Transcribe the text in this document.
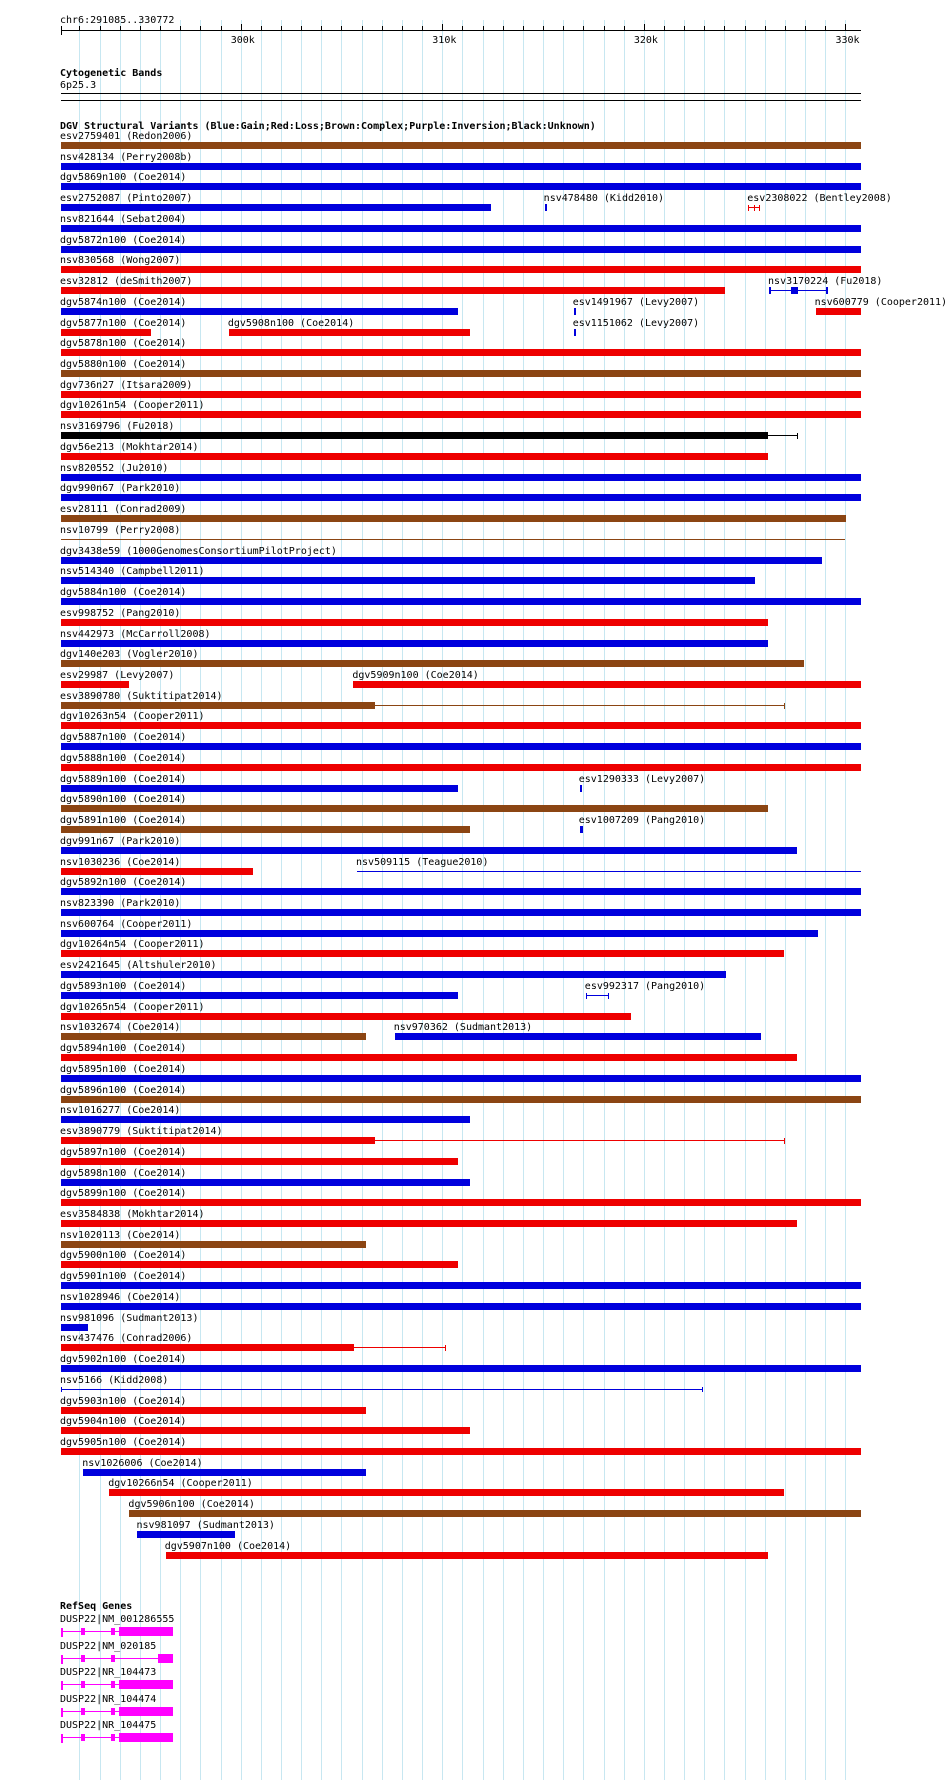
chr6:291085..330772
300k	310k	320k	330k
Cytogenetic Bands
6p25.3
DGV Structural Variants (Blue:Gain;Red:Loss;Brown:Complex;Purple:Inversion;Black:Unknown)
esv2759401 (Redon2006)
nsv428134 (Perry2008b)
dgv5869n100 (Coe2014)
esv2752087 (Pinto2007)	nsv478480 (Kidd2010)	esv2308022 (Bentley2008)
nsv821644 (Sebat2004)
dgv5872n100 (Coe2014)
nsv830568 (Wong2007)
esv32812 (deSmith2007)	nsv3170224 (Fu2018)
dgv5874n100 (Coe2014)	esv1491967 (Levy2007)	nsv600779 (Cooper2011)
dgv5877n100 (Coe2014)	dgv5908n100 (Coe2014)	esv1151062 (Levy2007)
dgv5878n100 (Coe2014)
dgv5880n100 (Coe2014)
dgv736n27 (Itsara2009)
dgv10261n54 (Cooper2011)
nsv3169796 (Fu2018)
dgv56e213 (Mokhtar2014)
nsv820552 (Ju2010)
dgv990n67 (Park2010)
esv28111 (Conrad2009)
nsv10799 (Perry2008)
dgv3438e59 (1000GenomesConsortiumPilotProject)
nsv514340 (Campbell2011)
dgv5884n100 (Coe2014)
esv998752 (Pang2010)
nsv442973 (McCarroll2008)
dgv140e203 (Vogler2010)
esv29987 (Levy2007)	dgv5909n100 (Coe2014)
esv3890780 (Suktitipat2014)
dgv10263n54 (Cooper2011)
dgv5887n100 (Coe2014)
dgv5888n100 (Coe2014)
dgv5889n100 (Coe2014)	esv1290333 (Levy2007)
dgv5890n100 (Coe2014)
dgv5891n100 (Coe2014)	esv1007209 (Pang2010)
dgv991n67 (Park2010)
nsv1030236 (Coe2014)	nsv509115 (Teague2010)
dgv5892n100 (Coe2014)
nsv823390 (Park2010)
nsv600764 (Cooper2011)
dgv10264n54 (Cooper2011)
esv2421645 (Altshuler2010)
dgv5893n100 (Coe2014)	esv992317 (Pang2010)
dgv10265n54 (Cooper2011)
nsv1032674 (Coe2014)	nsv970362 (Sudmant2013)
dgv5894n100 (Coe2014)
dgv5895n100 (Coe2014)
dgv5896n100 (Coe2014)
nsv1016277 (Coe2014)
esv3890779 (Suktitipat2014)
dgv5897n100 (Coe2014)
dgv5898n100 (Coe2014)
dgv5899n100 (Coe2014)
esv3584838 (Mokhtar2014)
nsv1020113 (Coe2014)
dgv5900n100 (Coe2014)
dgv5901n100 (Coe2014)
nsv1028946 (Coe2014)
nsv981096 (Sudmant2013)
nsv437476 (Conrad2006)
dgv5902n100 (Coe2014)
nsv5166 (Kidd2008)
dgv5903n100 (Coe2014)
dgv5904n100 (Coe2014)
dgv5905n100 (Coe2014)
nsv1026006 (Coe2014)
dgv10266n54 (Cooper2011)
dgv5906n100 (Coe2014)
nsv981097 (Sudmant2013)
dgv5907n100 (Coe2014)
RefSeq Genes
DUSP22|NM_001286555
DUSP22|NM_020185
DUSP22|NR_104473
DUSP22|NR_104474
DUSP22|NR_104475
